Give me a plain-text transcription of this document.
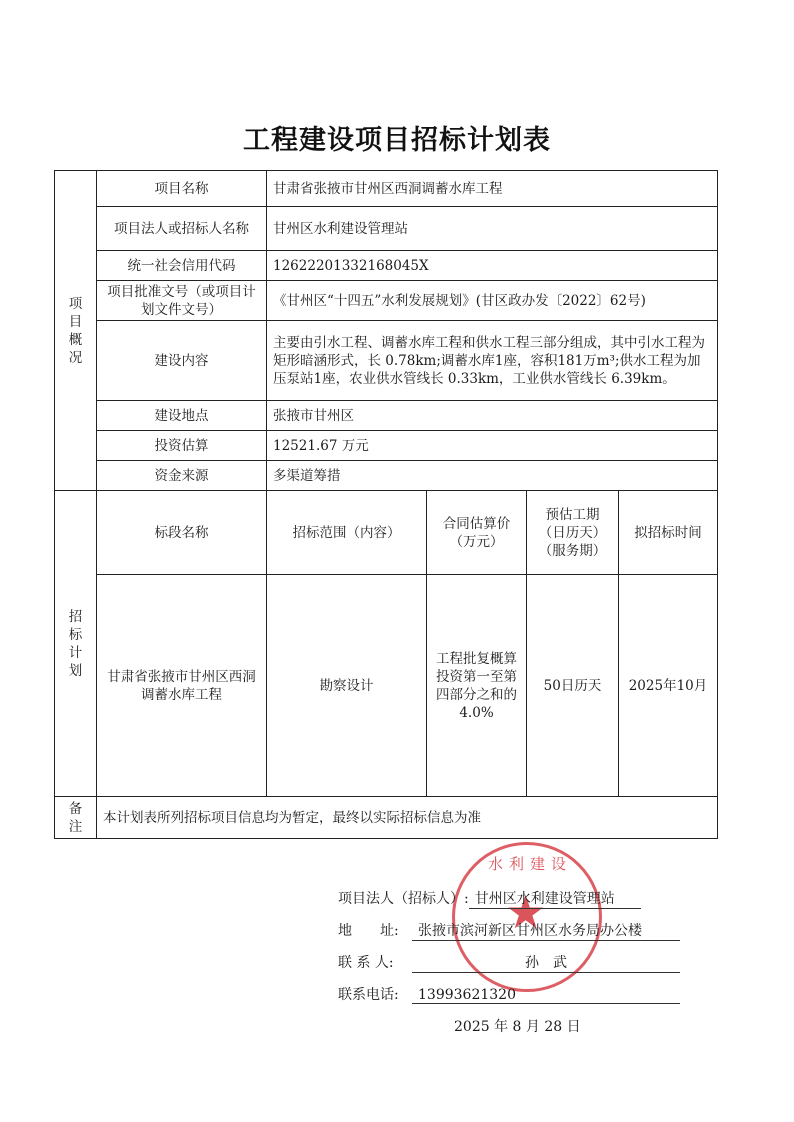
工程建设项目招标计划表
项
目
概
况	项目名称	甘肃省张掖市甘州区西洞调蓄水库工程			
	项目法人或招标人名称	甘州区水利建设管理站			
	统一社会信用代码	12622201332168045X			
	项目批准文号（或项目计划文件文号）	《甘州区“十四五”水利发展规划》(甘区政办发〔2022〕62号)			
	建设内容	主要由引水工程、调蓄水库工程和供水工程三部分组成，其中引水工程为矩形暗涵形式，长 0.78km;调蓄水库1座，容积181万m³;供水工程为加压泵站1座，农业供水管线长 0.33km，工业供水管线长 6.39km。			
	建设地点	张掖市甘州区			
	投资估算	12521.67 万元			
	资金来源	多渠道筹措			
招
标
计
划	标段名称	招标范围（内容）	合同估算价（万元）	预估工期（日历天）（服务期）	拟招标时间
	甘肃省张掖市甘州区西洞调蓄水库工程	勘察设计	工程批复概算投资第一至第四部分之和的 4.0%	50日历天	2025年10月
备
注	本计划表所列招标项目信息均为暂定，最终以实际招标信息为准				
水利建设
★
项目法人（招标人）: 甘州区水利建设管理站
地　　址: 张掖市滨河新区甘州区水务局办公楼
联 系 人:	孙　武
联系电话: 13993621320
2025 年 8 月 28 日
